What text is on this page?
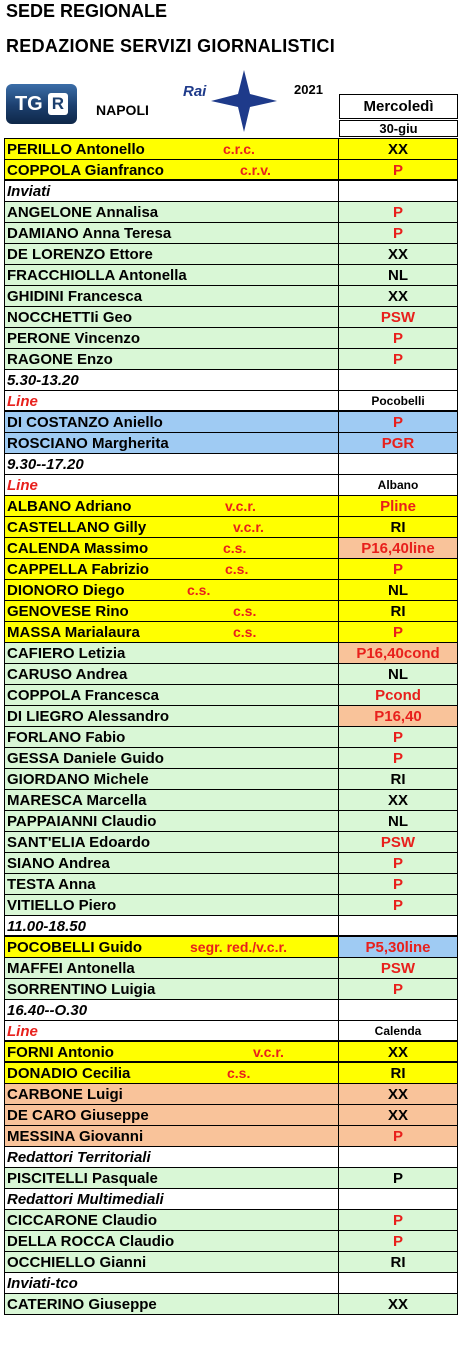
SEDE REGIONALE
REDAZIONE SERVIZI GIORNALISTICI
TG R NAPOLI
Rai	2021
Mercoledì
30-giu
PERILLO Antonello	c.r.c.	XX
COPPOLA Gianfranco	c.r.v.	P
Inviati
ANGELONE Annalisa	P
DAMIANO Anna Teresa	P
DE LORENZO Ettore	XX
FRACCHIOLLA Antonella	NL
GHIDINI Francesca	XX
NOCCHETTIi Geo	PSW
PERONE Vincenzo	P
RAGONE Enzo	P
5.30-13.20
Line	Pocobelli
DI COSTANZO Aniello	P
ROSCIANO Margherita	PGR
9.30--17.20
Line	Albano
ALBANO Adriano	v.c.r.	Pline
CASTELLANO Gilly	v.c.r.	RI
CALENDA Massimo	c.s.	P16,40line
CAPPELLA Fabrizio	c.s.	P
DIONORO Diego	c.s.	NL
GENOVESE Rino	c.s.	RI
MASSA Marialaura	c.s.	P
CAFIERO Letizia	P16,40cond
CARUSO Andrea	NL
COPPOLA Francesca	Pcond
DI LIEGRO Alessandro	P16,40
FORLANO Fabio	P
GESSA Daniele Guido	P
GIORDANO Michele	RI
MARESCA Marcella	XX
PAPPAIANNI Claudio	NL
SANT'ELIA Edoardo	PSW
SIANO Andrea	P
TESTA Anna	P
VITIELLO Piero	P
11.00-18.50
POCOBELLI Guido	segr. red./v.c.r.	P5,30line
MAFFEI Antonella	PSW
SORRENTINO Luigia	P
16.40--O.30
Line	Calenda
FORNI Antonio	v.c.r.	XX
DONADIO Cecilia	c.s.	RI
CARBONE Luigi	XX
DE CARO Giuseppe	XX
MESSINA Giovanni	P
Redattori Territoriali
PISCITELLI Pasquale	P
Redattori Multimediali
CICCARONE Claudio	P
DELLA ROCCA Claudio	P
OCCHIELLO Gianni	RI
Inviati-tco
CATERINO Giuseppe	XX
